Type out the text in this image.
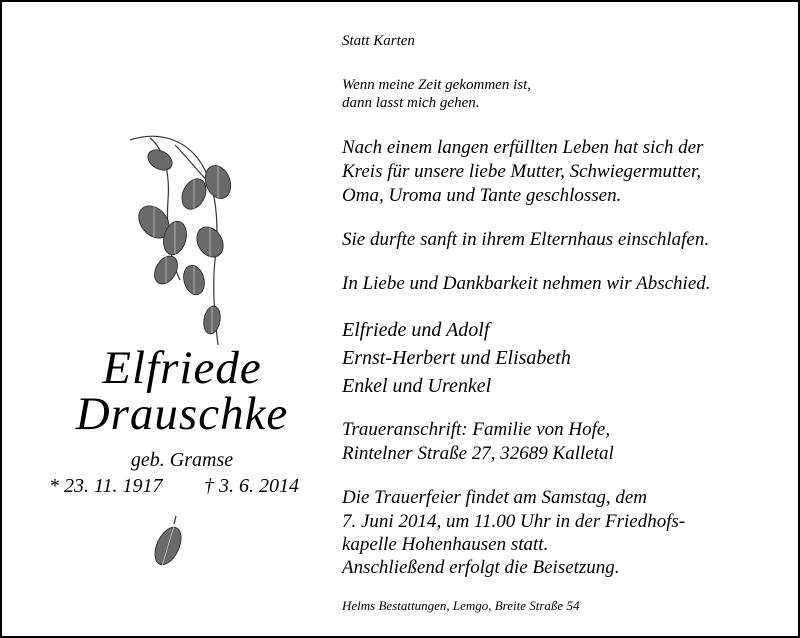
Elfriede
Drauschke
geb. Gramse
* 23. 11. 1917 † 3. 6. 2014
Statt Karten
Wenn meine Zeit gekommen ist,
dann lasst mich gehen.
Nach einem langen erfüllten Leben hat sich der
Kreis für unsere liebe Mutter, Schwiegermutter,
Oma, Uroma und Tante geschlossen.
Sie durfte sanft in ihrem Elternhaus einschlafen.
In Liebe und Dankbarkeit nehmen wir Abschied.
Elfriede und Adolf
Ernst-Herbert und Elisabeth
Enkel und Urenkel
Traueranschrift: Familie von Hofe,
Rintelner Straße 27, 32689 Kalletal
Die Trauerfeier findet am Samstag, dem
7. Juni 2014, um 11.00 Uhr in der Friedhofs-
kapelle Hohenhausen statt.
Anschließend erfolgt die Beisetzung.
Helms Bestattungen, Lemgo, Breite Straße 54
